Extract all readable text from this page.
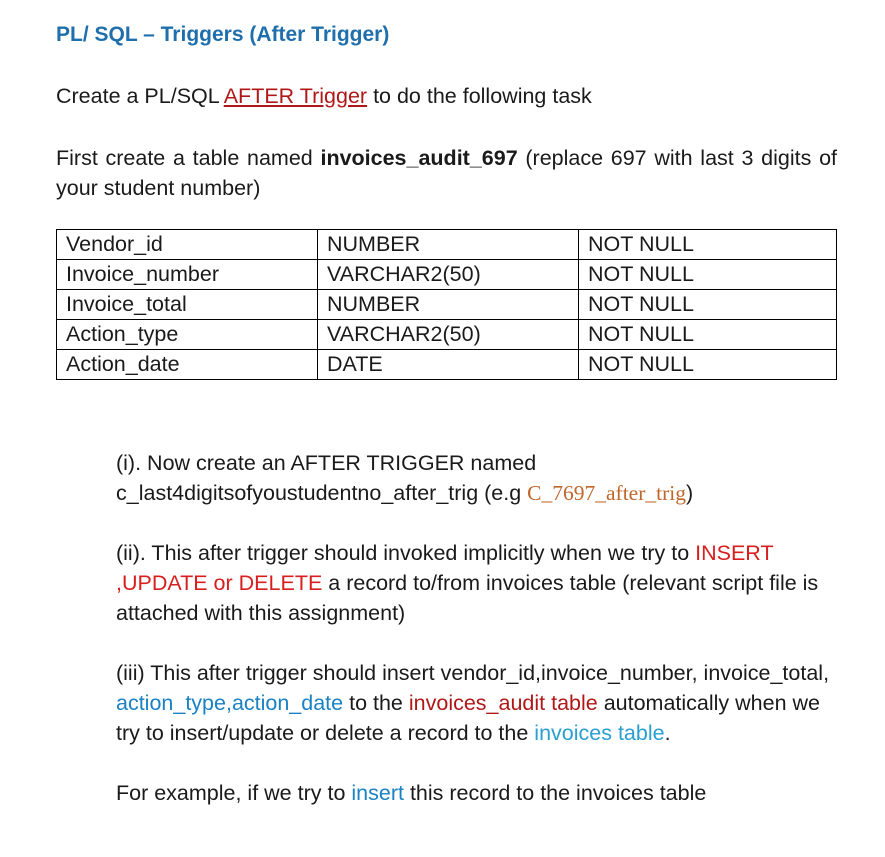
PL/ SQL – Triggers (After Trigger)
Create a PL/SQL AFTER Trigger to do the following task
First create a table named invoices_audit_697 (replace 697 with last 3 digits of your student number)
Vendor_id	NUMBER	NOT NULL
Invoice_number	VARCHAR2(50)	NOT NULL
Invoice_total	NUMBER	NOT NULL
Action_type	VARCHAR2(50)	NOT NULL
Action_date	DATE	NOT NULL

(i). Now create an AFTER TRIGGER named
c_last4digitsofyoustudentno_after_trig (e.g C_7697_after_trig)

(ii). This after trigger should invoked implicitly when we try to INSERT ,UPDATE or DELETE a record to/from invoices table (relevant script file is attached with this assignment)

(iii) This after trigger should insert vendor_id,invoice_number, invoice_total, action_type,action_date to the invoices_audit table automatically when we try to insert/update or delete a record to the invoices table.

For example, if we try to insert this record to the invoices table
